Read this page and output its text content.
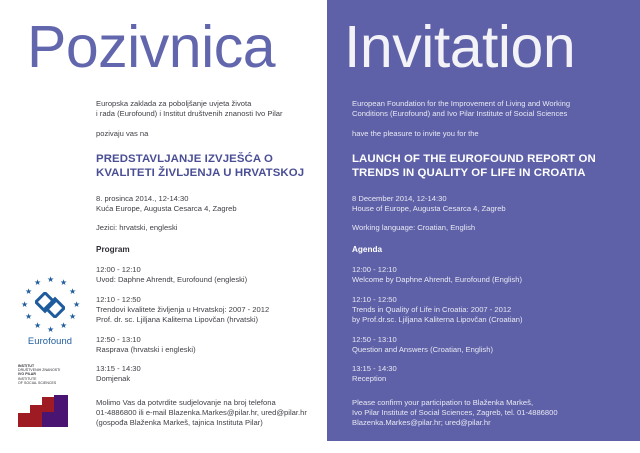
Pozivnica

Europska zaklada za poboljšanje uvjeta života
i rada (Eurofound) i Institut društvenih znanosti Ivo Pilar

pozivaju vas na

PREDSTAVLJANJE IZVJEŠĆA O
KVALITETI ŽIVLJENJA U HRVATSKOJ

8. prosinca 2014., 12-14:30
Kuća Europe, Augusta Cesarca 4, Zagreb

Jezici: hrvatski, engleski

Program
12:00 - 12:10
Uvod: Daphne Ahrendt, Eurofound (engleski)
12:10 - 12:50
Trendovi kvalitete življenja u Hrvatskoj: 2007 - 2012
Prof. dr. sc. Ljiljana Kaliterna Lipovčan (hrvatski)
12:50 - 13:10
Rasprava (hrvatski i engleski)
13:15 - 14:30
Domjenak

Molimo Vas da potvrdite sudjelovanje na broj telefona
01-4886800 ili e-mail Blazenka.Markes@pilar.hr, ured@pilar.hr
(gospođa Blaženka Markeš, tajnica Instituta Pilar)

★ ★
★
★
★
★
★
★
★
★
★
★
Eurofound
INSTITUT
DRUŠTVENIH ZNANOSTI
IVO PILAR
INSTITUTE
OF SOCIAL SCIENCES
Invitation

European Foundation for the Improvement of Living and Working
Conditions (Eurofound) and Ivo Pilar Institute of Social Sciences

have the pleasure to invite you for the

LAUNCH OF THE EUROFOUND REPORT ON
TRENDS IN QUALITY OF LIFE IN CROATIA

8 December 2014, 12-14:30
House of Europe, Augusta Cesarca 4, Zagreb

Working language: Croatian, English

Agenda
12:00 - 12:10
Welcome by Daphne Ahrendt, Eurofound (English)
12:10 - 12:50
Trends in Quality of Life in Croatia: 2007 - 2012
by Prof.dr.sc. Ljiljana Kaliterna Lipovčan (Croatian)
12:50 - 13:10
Question and Answers (Croatian, English)
13:15 - 14:30
Reception

Please confirm your participation to Blaženka Markeš,
Ivo Pilar Institute of Social Sciences, Zagreb, tel. 01-4886800
Blazenka.Markes@pilar.hr; ured@pilar.hr
